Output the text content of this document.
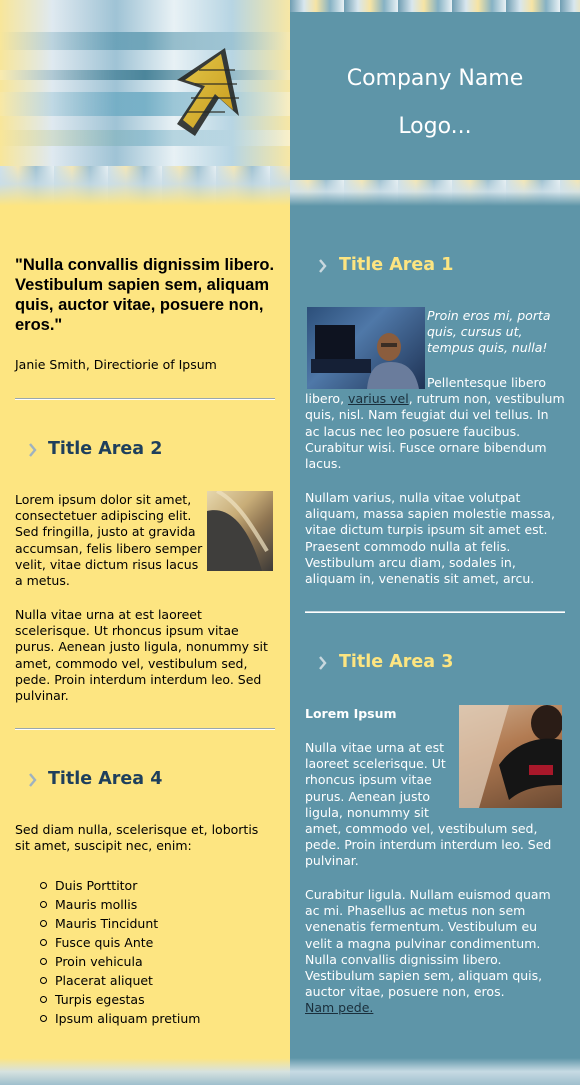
Company Name
Logo...

"Nulla convallis dignissim libero. Vestibulum sapien sem, aliquam quis, auctor vitae, posuere non, eros."

Janie Smith, Directiorie of Ipsum
Title Area 2

Lorem ipsum dolor sit amet, consectetuer adipiscing elit. Sed fringilla, justo at gravida accumsan, felis libero semper velit, vitae dictum risus lacus a metus.

Nulla vitae urna at est laoreet scelerisque. Ut rhoncus ipsum vitae purus. Aenean justo ligula, nonummy sit amet, commodo vel, vestibulum sed, pede. Proin interdum interdum leo. Sed pulvinar.

Title Area 4

Sed diam nulla, scelerisque et, lobortis sit amet, suscipit nec, enim:

Duis Porttitor
Mauris mollis
Mauris Tincidunt
Fusce quis Ante
Proin vehicula
Placerat aliquet
Turpis egestas
Ipsum aliquam pretium
Title Area 1

Proin eros mi, porta quis, cursus ut, tempus quis, nulla!

Pellentesque libero libero, varius vel, rutrum non, vestibulum quis, nisl. Nam feugiat dui vel tellus. In ac lacus nec leo posuere faucibus. Curabitur wisi. Fusce ornare bibendum lacus.

Nullam varius, nulla vitae volutpat aliquam, massa sapien molestie massa, vitae dictum turpis ipsum sit amet est. Praesent commodo nulla at felis. Vestibulum arcu diam, sodales in, aliquam in, venenatis sit amet, arcu.

Title Area 3
Lorem Ipsum

Nulla vitae urna at est laoreet scelerisque. Ut rhoncus ipsum vitae purus. Aenean justo ligula, nonummy sit amet, commodo vel, vestibulum sed, pede. Proin interdum interdum leo. Sed pulvinar.

Curabitur ligula. Nullam euismod quam ac mi. Phasellus ac metus non sem venenatis fermentum. Vestibulum eu velit a magna pulvinar condimentum. Nulla convallis dignissim libero. Vestibulum sapien sem, aliquam quis, auctor vitae, posuere non, eros.
Nam pede.
